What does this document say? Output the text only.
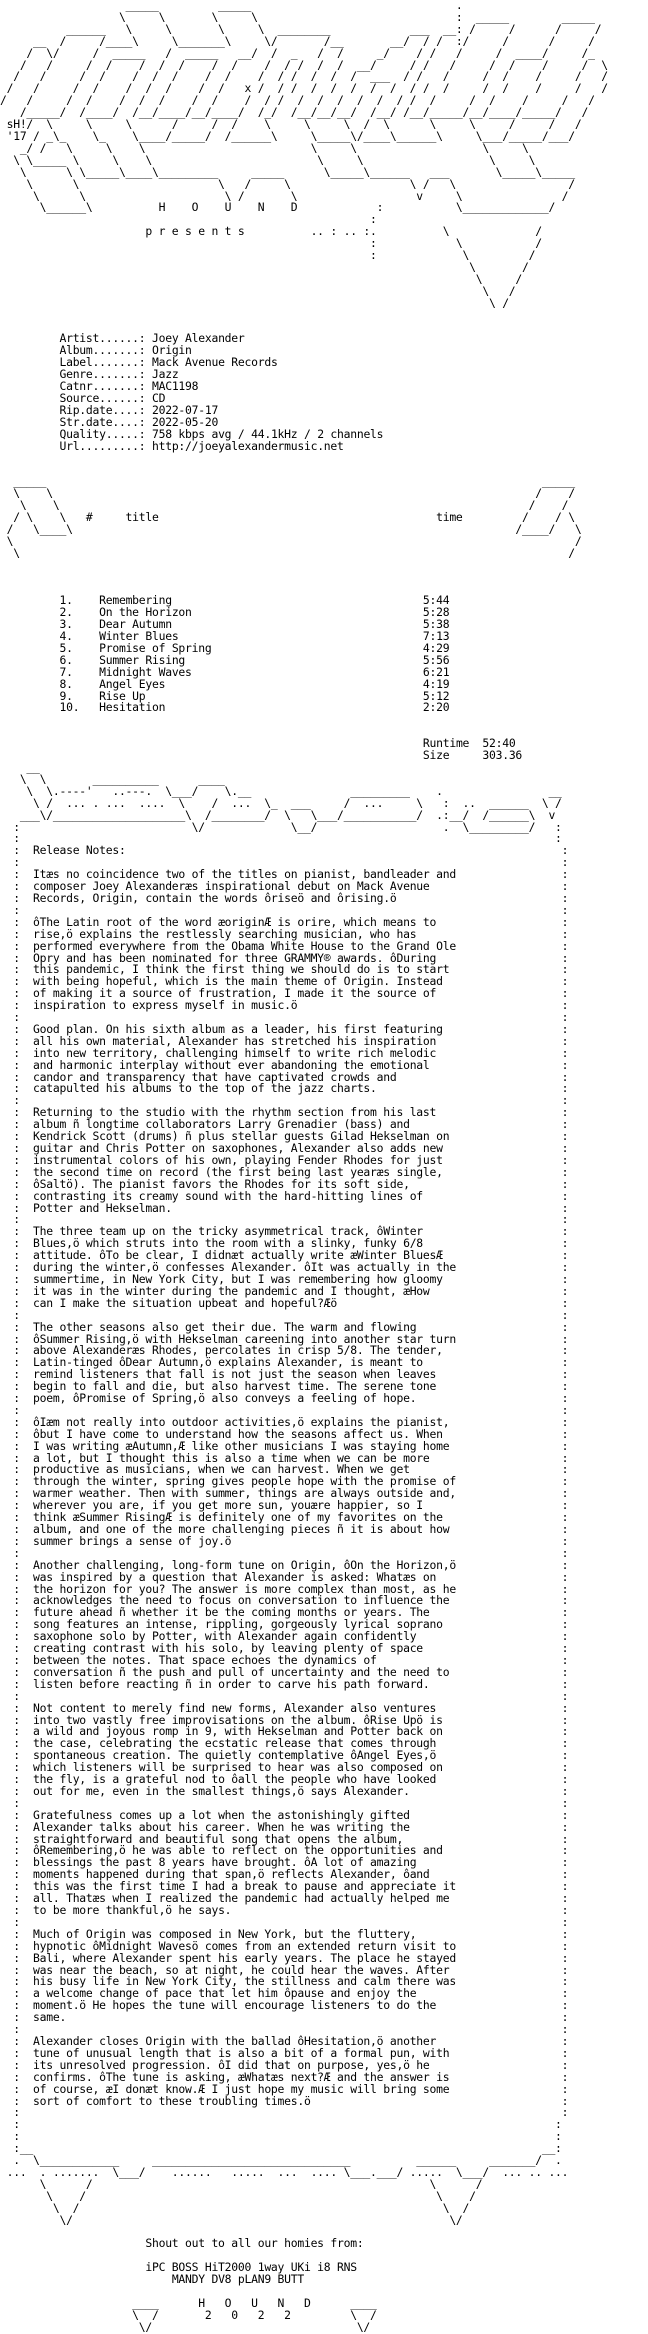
_____         _____                               .
\     \       \     \                              :  _____        _____
______   \     \       \     \  ________            ___  __: /     /      /     /
__  /     /____\     \_______\     \/       /__       __/  / /  :/     /      /     /
/  \/     /  _____   /  _____   __/  /  _   /  /     _/    / /   /     /  ____/     /_
/   /     /  /    /  /  /    /  /    /  / /  /  /  __/     / /   /     /  /    /     /  \
/   /     /  /    /  /  /    /  /    /  / /  /  /  /  ___  / /   /     /  /    /     /   /
/   /     /  /    /  /  /    /  /   x /  / /  /  /  /  /  /  / /  /     /  /    /     /   /
/   /     /  /    /  /  /    /  /    /  / /  /  /  /  /  /  / /  /     /  /    /     /   /
/_____/  /____/  /__/____/__/____/  /_/  /__/__/__/  /__/ /__/_____/__/____/_____/   /
sH!/  \     \     \      /     /  /    \     \     \  /  \      \     \     /     /   /
'17 / _\_    \_    \____/_____/  /______\     \_____\/____\______\     \___/_____/___/
_/ /   \     \    \                         \     \                   \     \
\ \_____ \     \    \                         \     \                   \     \
\      \ \_____\____\_________     _____      \_____\______   ___       \_____\_____
\      \                     \   /     \                  \ /   \                 /
\      \                     \ /       \                  v     \               /
\______\          H    O    U    N    D            :           \_____________/
:
p r e s e n t s          .. : .. :.          \             /
:            \           /
:             \         /
\       /
\     /
\   /
\ /

Artist......: Joey Alexander
Album.......: Origin
Label.......: Mack Avenue Records
Genre.......: Jazz
Catnr.......: MAC1198
Source......: CD
Rip.date....: 2022-07-17
Str.date....: 2022-05-20
Quality.....: 758 kbps avg / 44.1kHz / 2 channels
Url.........: http://joeyalexandermusic.net

_____                                                                           _____
\    \                                                                         /    /
\    \                                                                       /    /
/ \    \   #     title                                          time         /    / \
/   \____\                                                                   /____/   \
\                                                                                     /
\                                                                                   /

1.    Remembering                                      5:44
2.    On the Horizon                                   5:28
3.    Dear Autumn                                      5:38
4.    Winter Blues                                     7:13
5.    Promise of Spring                                4:29
6.    Summer Rising                                    5:56
7.    Midnight Waves                                   6:21
8.    Angel Eyes                                       4:19
9.    Rise Up                                          5:12
10.   Hesitation                                       2:20

Runtime 52:40
Size	303.36
__
\  \       __________      ____
\  \.----'   ..---.  \___/    \.__               _________    .                __
\ /  ... . ...  ....  \    /  ...  \_  ___     /  ...     \   :  ..  ______  \ /
___\/____________________\  /________/  \   \___/___________/  .:__/  /______\  v
:                          \/             \__/                   .  \_________/   :
:                                                                                 :
:  Release Notes:	:
:	:
:  Itæs no coincidence two of the titles on pianist, bandleader and                :
:  composer Joey Alexanderæs inspirational debut on Mack Avenue                    :
:  Records, Origin, contain the words ôriseö and ôrising.ö                         :
:	:
:  ôThe Latin root of the word æoriginÆ is orire, which means to                   :
:  rise,ö explains the restlessly searching musician, who has                      :
:  performed everywhere from the Obama White House to the Grand Ole                :
:  Opry and has been nominated for three GRAMMY® awards. ôDuring                   :
:  this pandemic, I think the first thing we should do is to start                 :
:  with being hopeful, which is the main theme of Origin. Instead                  :
:  of making it a source of frustration, I made it the source of                   :
:  inspiration to express myself in music.ö                                        :
:	:
:  Good plan. On his sixth album as a leader, his first featuring                  :
:  all his own material, Alexander has stretched his inspiration                   :
:  into new territory, challenging himself to write rich melodic                   :
:  and harmonic interplay without ever abandoning the emotional                    :
:  candor and transparency that have captivated crowds and                         :
:  catapulted his albums to the top of the jazz charts.                            :
:	:
:  Returning to the studio with the rhythm section from his last                   :
:  album ñ longtime collaborators Larry Grenadier (bass) and                       :
:  Kendrick Scott (drums) ñ plus stellar guests Gilad Hekselman on                 :
:  guitar and Chris Potter on saxophones, Alexander also adds new                  :
:  instrumental colors of his own, playing Fender Rhodes for just                  :
:  the second time on record (the first being last yearæs single,                  :
:  ôSaltö). The pianist favors the Rhodes for its soft side,                       :
:  contrasting its creamy sound with the hard-hitting lines of                     :
:  Potter and Hekselman.                                                           :
:	:
:  The three team up on the tricky asymmetrical track, ôWinter                     :
:  Blues,ö which struts into the room with a slinky, funky 6/8                     :
:  attitude. ôTo be clear, I didnæt actually write æWinter BluesÆ                  :
:  during the winter,ö confesses Alexander. ôIt was actually in the                :
:  summertime, in New York City, but I was remembering how gloomy                  :
:  it was in the winter during the pandemic and I thought, æHow                    :
:  can I make the situation upbeat and hopeful?Æö                                  :
:	:
:  The other seasons also get their due. The warm and flowing                      :
:  ôSummer Rising,ö with Hekselman careening into another star turn                :
:  above Alexanderæs Rhodes, percolates in crisp 5/8. The tender,                  :
:  Latin-tinged ôDear Autumn,ö explains Alexander, is meant to                     :
:  remind listeners that fall is not just the season when leaves                   :
:  begin to fall and die, but also harvest time. The serene tone                   :
:  poem, ôPromise of Spring,ö also conveys a feeling of hope.                      :
:	:
:  ôIæm not really into outdoor activities,ö explains the pianist,                 :
:  ôbut I have come to understand how the seasons affect us. When                  :
:  I was writing æAutumn,Æ like other musicians I was staying home                 :
:  a lot, but I thought this is also a time when we can be more                    :
:  productive as musicians, when we can harvest. When we get                       :
:  through the winter, spring gives people hope with the promise of                :
:  warmer weather. Then with summer, things are always outside and,                :
:  wherever you are, if you get more sun, youære happier, so I                     :
:  think æSummer RisingÆ is definitely one of my favorites on the                  :
:  album, and one of the more challenging pieces ñ it is about how                 :
:  summer brings a sense of joy.ö                                                  :
:	:
:  Another challenging, long-form tune on Origin, ôOn the Horizon,ö                :
:  was inspired by a question that Alexander is asked: Whatæs on                   :
:  the horizon for you? The answer is more complex than most, as he                :
:  acknowledges the need to focus on conversation to influence the                 :
:  future ahead ñ whether it be the coming months or years. The                    :
:  song features an intense, rippling, gorgeously lyrical soprano                  :
:  saxophone solo by Potter, with Alexander again confidently                      :
:  creating contrast with his solo, by leaving plenty of space                     :
:  between the notes. That space echoes the dynamics of                            :
:  conversation ñ the push and pull of uncertainty and the need to                 :
:  listen before reacting ñ in order to carve his path forward.                    :
:	:
:  Not content to merely find new forms, Alexander also ventures                   :
:  into two vastly free improvisations on the album. ôRise Upö is                  :
:  a wild and joyous romp in 9, with Hekselman and Potter back on                  :
:  the case, celebrating the ecstatic release that comes through                   :
:  spontaneous creation. The quietly contemplative ôAngel Eyes,ö                   :
:  which listeners will be surprised to hear was also composed on                  :
:  the fly, is a grateful nod to ôall the people who have looked                   :
:  out for me, even in the smallest things,ö says Alexander.                       :
:	:
:  Gratefulness comes up a lot when the astonishingly gifted                       :
:  Alexander talks about his career. When he was writing the                       :
:  straightforward and beautiful song that opens the album,                        :
:  ôRemembering,ö he was able to reflect on the opportunities and                  :
:  blessings the past 8 years have brought. ôA lot of amazing                      :
:  moments happened during that span,ö reflects Alexander, ôand                    :
:  this was the first time I had a break to pause and appreciate it                :
:  all. Thatæs when I realized the pandemic had actually helped me                 :
:  to be more thankful,ö he says.                                                  :
:	:
:  Much of Origin was composed in New York, but the fluttery,                      :
:  hypnotic ôMidnight Wavesö comes from an extended return visit to                :
:  Bali, where Alexander spent his early years. The place he stayed                :
:  was near the beach, so at night, he could hear the waves. After                 :
:  his busy life in New York City, the stillness and calm there was                :
:  a welcome change of pace that let him ôpause and enjoy the                      :
:  moment.ö He hopes the tune will encourage listeners to do the                   :
:  same.                                                                           :
:	:
:  Alexander closes Origin with the ballad ôHesitation,ö another                   :
:  tune of unusual length that is also a bit of a formal pun, with                 :
:  its unresolved progression. ôI did that on purpose, yes,ö he                    :
:  confirms. ôThe tune is asking, æWhatæs next?Æ and the answer is                 :
:  of course, æI donæt know.Æ I just hope my music will bring some                 :
:  sort of comfort to these troubling times.ö                                      :
:	:

:                                                                                 :
:                                                                                 :
:__                                                                             __:
.  \____________     ______________________________          ______     _______/  .
...  . .......  \___/    ......   .....  ...  .... \___.___/ .....  \___/  ... .. ...
\      /                                                   \      /
\    /                                                     \    /
\  /                                                       \  /
\/                                                         \/

Shout out to all our homies from:

iPC BOSS HiT2000 1way UKi i8 RNS
MANDY DV8 pLAN9 BUTT

____      H   O   U   N   D      ____
\  /       2   0   2   2         \  /
\/                               \/
